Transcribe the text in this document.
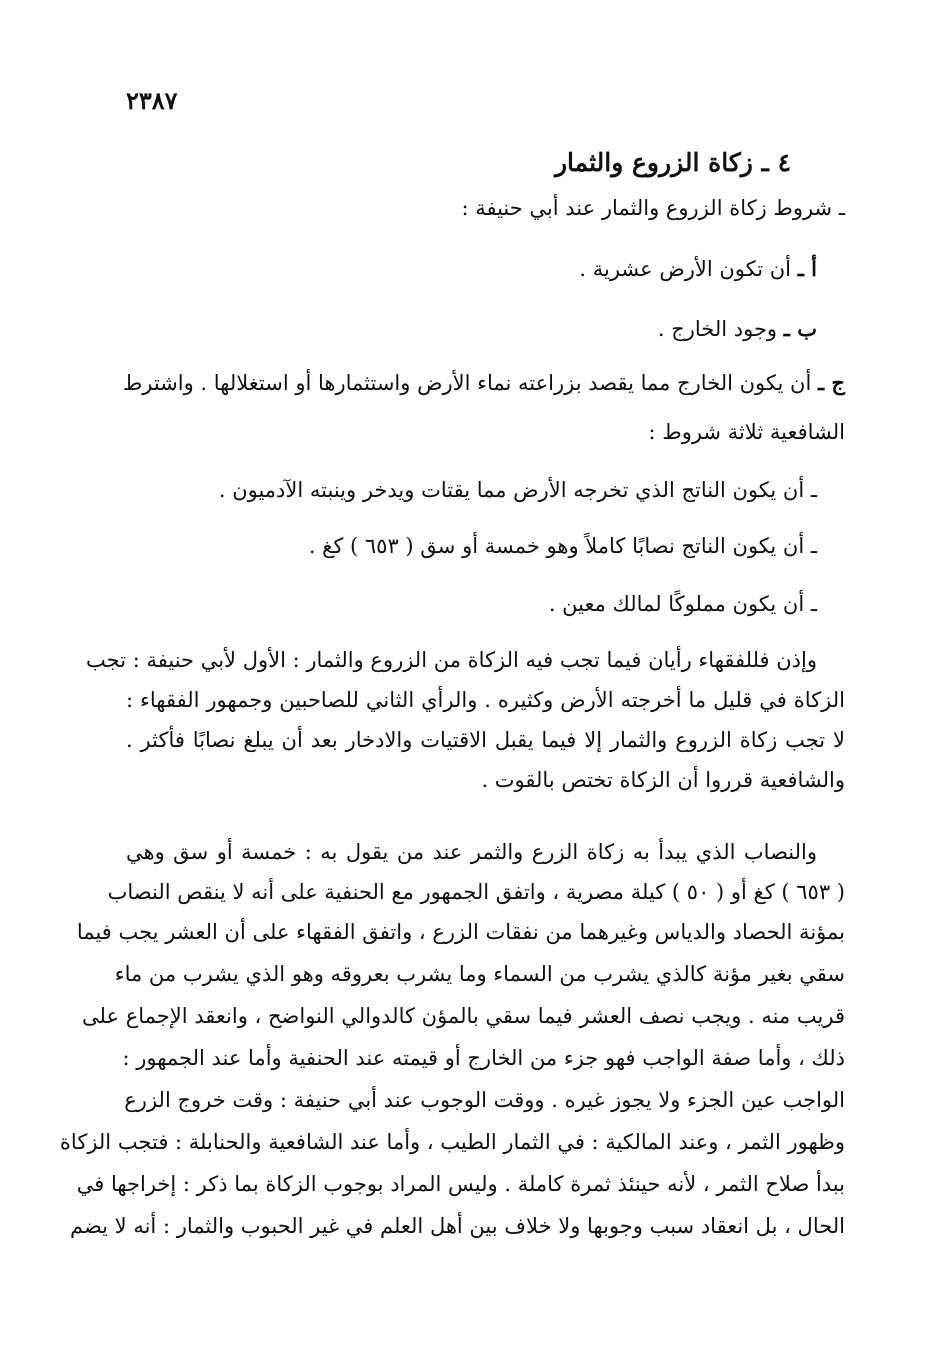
٢٣٨٧
٤ ـ زكاة الزروع والثمار
ـ شروط زكاة الزروع والثمار عند أبي حنيفة :
أ ـ أن تكون الأرض عشرية .
ب ـ وجود الخارج .
ج ـ أن يكون الخارج مما يقصد بزراعته نماء الأرض واستثمارها أو استغلالها . واشترط
الشافعية ثلاثة شروط :
ـ أن يكون الناتج الذي تخرجه الأرض مما يقتات ويدخر وينبته الآدميون .
ـ أن يكون الناتج نصابًا كاملاً وهو خمسة أو سق ( ٦٥٣ ) كغ .
ـ أن يكون مملوكًا لمالك معين .
وإذن فللفقهاء رأيان فيما تجب فيه الزكاة من الزروع والثمار : الأول لأبي حنيفة : تجب
الزكاة في قليل ما أخرجته الأرض وكثيره . والرأي الثاني للصاحبين وجمهور الفقهاء :
لا تجب زكاة الزروع والثمار إلا فيما يقبل الاقتيات والادخار بعد أن يبلغ نصابًا فأكثر .
والشافعية قرروا أن الزكاة تختص بالقوت .
والنصاب الذي يبدأ به زكاة الزرع والثمر عند من يقول به : خمسة أو سق وهي
( ٦٥٣ ) كغ أو ( ٥٠ ) كيلة مصرية ، واتفق الجمهور مع الحنفية على أنه لا ينقص النصاب
بمؤنة الحصاد والدياس وغيرهما من نفقات الزرع ، واتفق الفقهاء على أن العشر يجب فيما
سقي بغير مؤنة كالذي يشرب من السماء وما يشرب بعروقه وهو الذي يشرب من ماء
قريب منه . ويجب نصف العشر فيما سقي بالمؤن كالدوالي النواضح ، وانعقد الإجماع على
ذلك ، وأما صفة الواجب فهو جزء من الخارج أو قيمته عند الحنفية وأما عند الجمهور :
الواجب عين الجزء ولا يجوز غيره . ووقت الوجوب عند أبي حنيفة : وقت خروج الزرع
وظهور الثمر ، وعند المالكية : في الثمار الطيب ، وأما عند الشافعية والحنابلة : فتجب الزكاة
ببدأ صلاح الثمر ، لأنه حينئذ ثمرة كاملة . وليس المراد بوجوب الزكاة بما ذكر : إخراجها في
الحال ، بل انعقاد سبب وجوبها ولا خلاف بين أهل العلم في غير الحبوب والثمار : أنه لا يضم
